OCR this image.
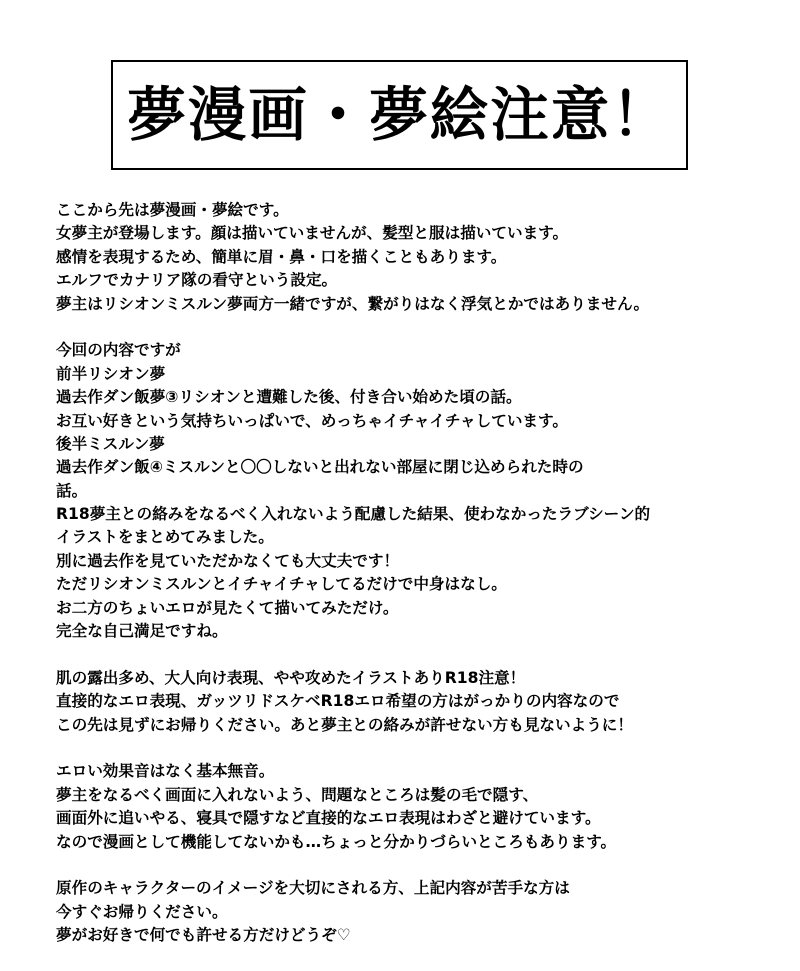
夢漫画・夢絵注意！
ここから先は夢漫画・夢絵です。
女夢主が登場します。顔は描いていませんが、髪型と服は描いています。
感情を表現するため、簡単に眉・鼻・口を描くこともあります。
エルフでカナリア隊の看守という設定。
夢主はリシオンミスルン夢両方一緒ですが、繋がりはなく浮気とかではありません。
今回の内容ですが
前半リシオン夢
過去作ダン飯夢③リシオンと遭難した後、付き合い始めた頃の話。
お互い好きという気持ちいっぱいで、めっちゃイチャイチャしています。
後半ミスルン夢
過去作ダン飯④ミスルンと〇〇しないと出れない部屋に閉じ込められた時の
話。
R18夢主との絡みをなるべく入れないよう配慮した結果、使わなかったラブシーン的
イラストをまとめてみました。
別に過去作を見ていただかなくても大丈夫です！
ただリシオンミスルンとイチャイチャしてるだけで中身はなし。
お二方のちょいエロが見たくて描いてみただけ。
完全な自己満足ですね。
肌の露出多め、大人向け表現、やや攻めたイラストありR18注意！
直接的なエロ表現、ガッツリドスケベR18エロ希望の方はがっかりの内容なので
この先は見ずにお帰りください。あと夢主との絡みが許せない方も見ないように！
エロい効果音はなく基本無音。
夢主をなるべく画面に入れないよう、問題なところは髪の毛で隠す、
画面外に追いやる、寝具で隠すなど直接的なエロ表現はわざと避けています。
なので漫画として機能してないかも…ちょっと分かりづらいところもあります。
原作のキャラクターのイメージを大切にされる方、上記内容が苦手な方は
今すぐお帰りください。
夢がお好きで何でも許せる方だけどうぞ♡
